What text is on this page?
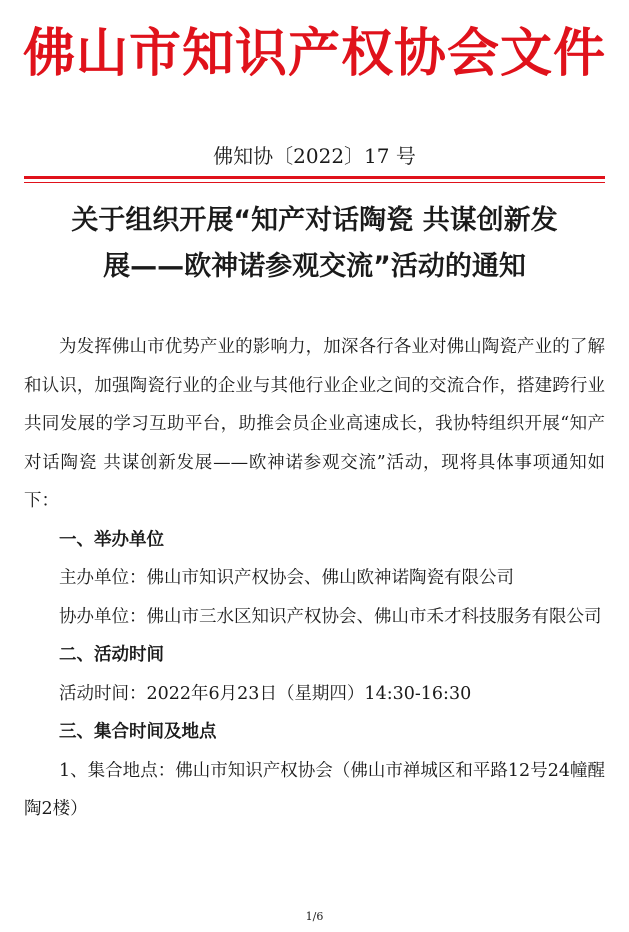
佛山市知识产权协会文件
佛知协〔2022〕17 号
关于组织开展“知产对话陶瓷 共谋创新发
展——欧神诺参观交流”活动的通知

为发挥佛山市优势产业的影响力，加深各行各业对佛山陶瓷产业的了解和认识，加强陶瓷行业的企业与其他行业企业之间的交流合作，搭建跨行业共同发展的学习互助平台，助推会员企业高速成长，我协特组织开展“知产对话陶瓷 共谋创新发展——欧神诺参观交流”活动，现将具体事项通知如下：

一、举办单位

主办单位：佛山市知识产权协会、佛山欧神诺陶瓷有限公司

协办单位：佛山市三水区知识产权协会、佛山市禾才科技服务有限公司

二、活动时间

活动时间：2022年6月23日（星期四）14:30-16:30

三、集合时间及地点

1、集合地点：佛山市知识产权协会（佛山市禅城区和平路12号24幢醒陶2楼）

1/6
